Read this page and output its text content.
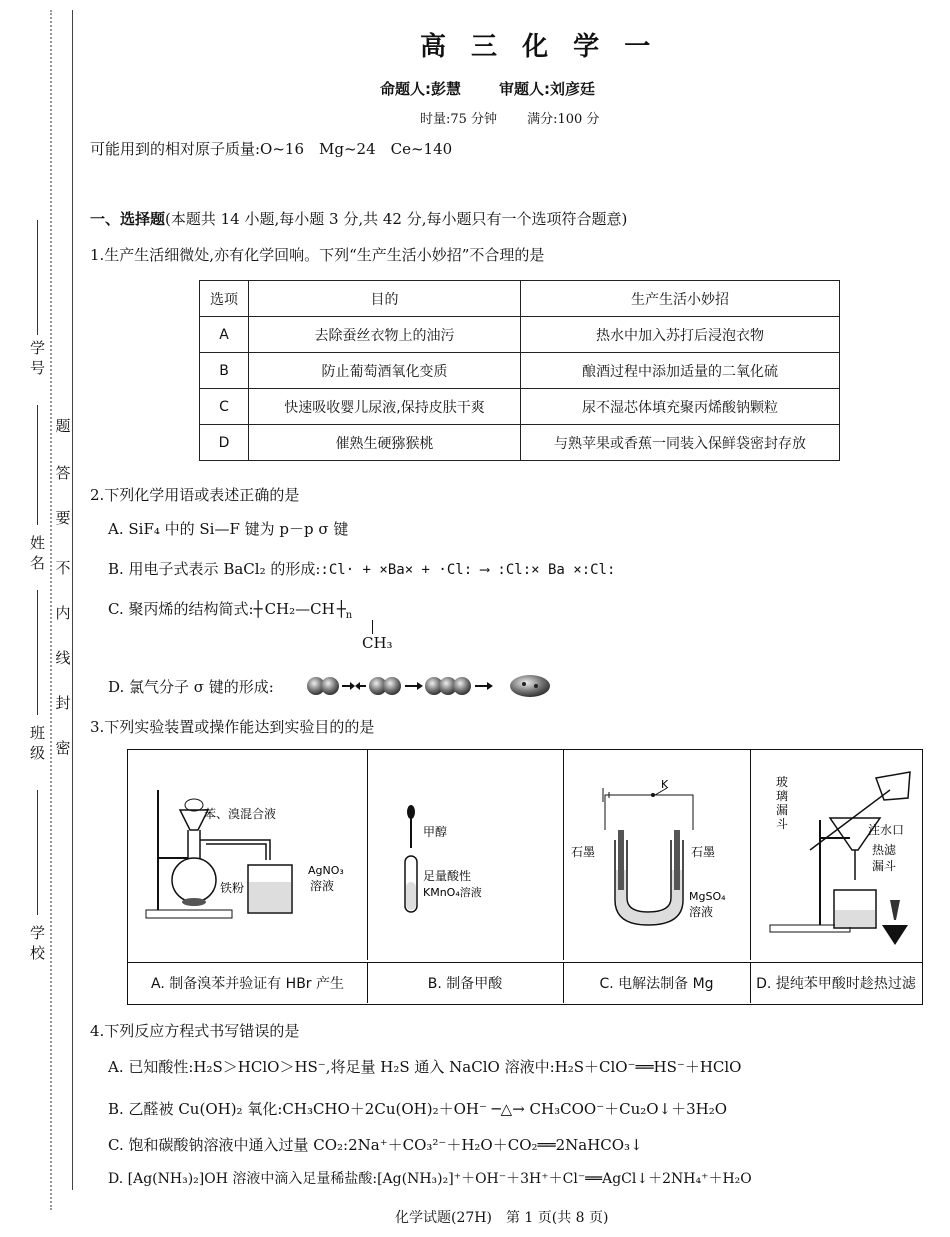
学 号
姓 名
班 级
学 校
密
封
线
内
不
要
答
题
高 三 化 学 一
命题人:彭慧	审题人:刘彦廷
时量:75 分钟 满分:100 分
可能用到的相对原子质量:O~16　Mg~24　Ce~140
一、选择题(本题共 14 小题,每小题 3 分,共 42 分,每小题只有一个选项符合题意)
1.生产生活细微处,亦有化学回响。下列“生产生活小妙招”不合理的是
选项	目的	生产生活小妙招
A	去除蚕丝衣物上的油污	热水中加入苏打后浸泡衣物
B	防止葡萄酒氧化变质	酿酒过程中添加适量的二氧化硫
C	快速吸收婴儿尿液,保持皮肤干爽	尿不湿芯体填充聚丙烯酸钠颗粒
D	催熟生硬猕猴桃	与熟苹果或香蕉一同装入保鲜袋密封存放
2.下列化学用语或表述正确的是
A. SiF₄ 中的 Si—F 键为 p－p σ 键
B. 用电子式表示 BaCl₂ 的形成::Cl· + ×Ba× + ·Cl: ⟶ :Cl:× Ba ×:Cl:
C. 聚丙烯的结构简式:┼ CH₂—CH $┼_n$
CH₃
D. 氯气分子 σ 键的形成:
3.下列实验装置或操作能达到实验目的的是
苯、溴混合液
铁粉
AgNO₃
溶液
甲醇
足量酸性
KMnO₄溶液
K
石墨	石墨
MgSO₄
溶液
玻
璃
漏
斗	注水口
热滤
漏斗
A. 制备溴苯并验证有 HBr 产生	B. 制备甲酸	C. 电解法制备 Mg	D. 提纯苯甲酸时趁热过滤
4.下列反应方程式书写错误的是
A. 已知酸性:H₂S＞HClO＞HS⁻,将足量 H₂S 通入 NaClO 溶液中:H₂S＋ClO⁻══HS⁻＋HClO
B. 乙醛被 Cu(OH)₂ 氧化:CH₃CHO＋2Cu(OH)₂＋OH⁻ ─△→ CH₃COO⁻＋Cu₂O↓＋3H₂O
C. 饱和碳酸钠溶液中通入过量 CO₂:2Na⁺＋CO₃²⁻＋H₂O＋CO₂══2NaHCO₃↓
D. [Ag(NH₃)₂]OH 溶液中滴入足量稀盐酸:[Ag(NH₃)₂]⁺＋OH⁻＋3H⁺＋Cl⁻══AgCl↓＋2NH₄⁺＋H₂O
化学试题(27H)　第 1 页(共 8 页)
